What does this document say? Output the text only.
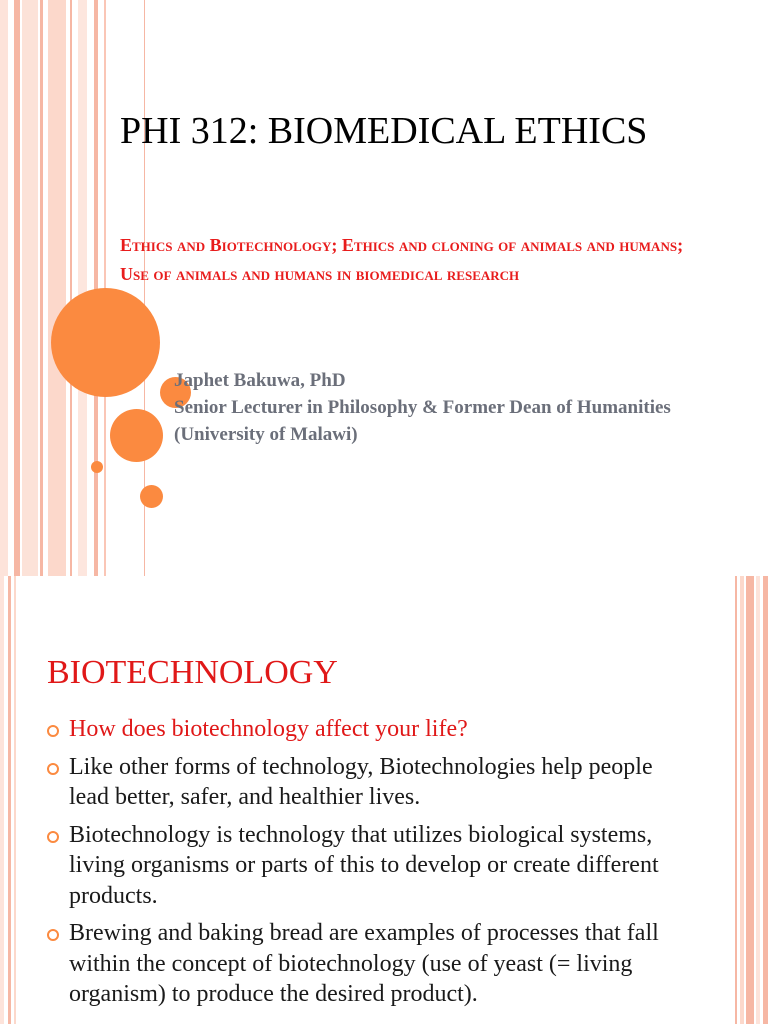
PHI 312: BIOMEDICAL ETHICS

Ethics and Biotechnology; Ethics and cloning of animals and humans; Use of animals and humans in biomedical research

Japhet Bakuwa, PhD
Senior Lecturer in Philosophy & Former Dean of Humanities (University of Malawi)
BIOTECHNOLOGY
How does biotechnology affect your life?
Like other forms of technology, Biotechnologies help people lead better, safer, and healthier lives.
Biotechnology is technology that utilizes biological systems, living organisms or parts of this to develop or create different products.
Brewing and baking bread are examples of processes that fall within the concept of biotechnology (use of yeast (= living organism) to produce the desired product).
